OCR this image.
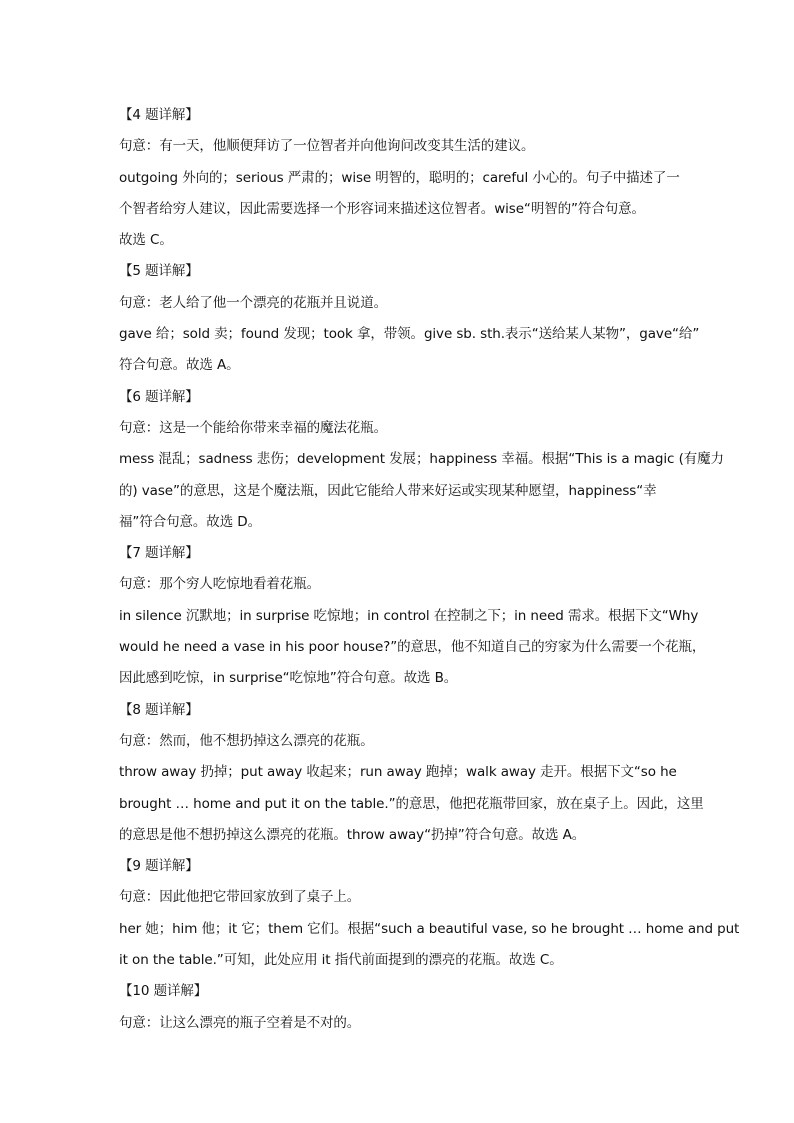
【4 题详解】
句意：有一天，他顺便拜访了一位智者并向他询问改变其生活的建议。
outgoing 外向的；serious 严肃的；wise 明智的，聪明的；careful 小心的。句子中描述了一
个智者给穷人建议，因此需要选择一个形容词来描述这位智者。wise“明智的”符合句意。
故选 C。
【5 题详解】
句意：老人给了他一个漂亮的花瓶并且说道。
gave 给；sold 卖；found 发现；took 拿，带领。give sb. sth.表示“送给某人某物”，gave“给”
符合句意。故选 A。
【6 题详解】
句意：这是一个能给你带来幸福的魔法花瓶。
mess 混乱；sadness 悲伤；development 发展；happiness 幸福。根据“This is a magic (有魔力
的) vase”的意思，这是个魔法瓶，因此它能给人带来好运或实现某种愿望，happiness“幸
福”符合句意。故选 D。
【7 题详解】
句意：那个穷人吃惊地看着花瓶。
in silence 沉默地；in surprise 吃惊地；in control 在控制之下；in need 需求。根据下文“Why
would he need a vase in his poor house?”的意思，他不知道自己的穷家为什么需要一个花瓶，
因此感到吃惊，in surprise“吃惊地”符合句意。故选 B。
【8 题详解】
句意：然而，他不想扔掉这么漂亮的花瓶。
throw away 扔掉；put away 收起来；run away 跑掉；walk away 走开。根据下文“so he
brought … home and put it on the table.”的意思，他把花瓶带回家，放在桌子上。因此，这里
的意思是他不想扔掉这么漂亮的花瓶。throw away“扔掉”符合句意。故选 A。
【9 题详解】
句意：因此他把它带回家放到了桌子上。
her 她；him 他；it 它；them 它们。根据“such a beautiful vase, so he brought … home and put
it on the table.”可知，此处应用 it 指代前面提到的漂亮的花瓶。故选 C。
【10 题详解】
句意：让这么漂亮的瓶子空着是不对的。
